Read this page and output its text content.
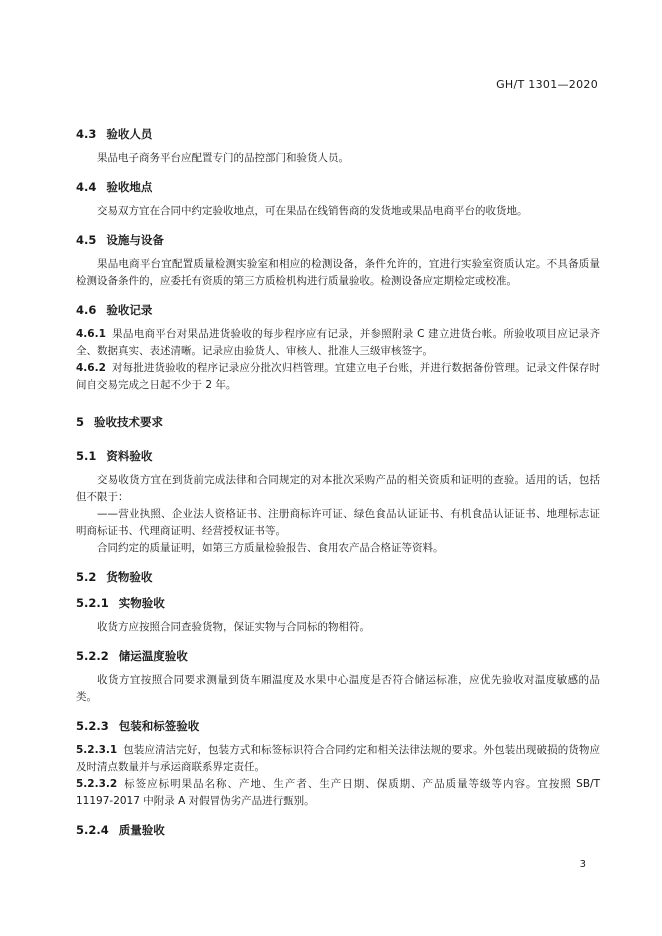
GH/T 1301—2020
4.3 验收人员
果品电子商务平台应配置专门的品控部门和验货人员。
4.4 验收地点
交易双方宜在合同中约定验收地点，可在果品在线销售商的发货地或果品电商平台的收货地。
4.5 设施与设备
果品电商平台宜配置质量检测实验室和相应的检测设备，条件允许的，宜进行实验室资质认定。不具备质量检测设备条件的，应委托有资质的第三方质检机构进行质量验收。检测设备应定期检定或校准。
4.6 验收记录
4.6.1 果品电商平台对果品进货验收的每步程序应有记录，并参照附录 C 建立进货台帐。所验收项目应记录齐全、数据真实、表述清晰。记录应由验货人、审核人、批准人三级审核签字。
4.6.2 对每批进货验收的程序记录应分批次归档管理。宜建立电子台账，并进行数据备份管理。记录文件保存时间自交易完成之日起不少于 2 年。
5 验收技术要求
5.1 资料验收
交易收货方宜在到货前完成法律和合同规定的对本批次采购产品的相关资质和证明的查验。适用的话，包括但不限于：
——营业执照、企业法人资格证书、注册商标许可证、绿色食品认证证书、有机食品认证证书、地理标志证明商标证书、代理商证明、经营授权证书等。
合同约定的质量证明，如第三方质量检验报告、食用农产品合格证等资料。
5.2 货物验收
5.2.1 实物验收
收货方应按照合同查验货物，保证实物与合同标的物相符。
5.2.2 储运温度验收
收货方宜按照合同要求测量到货车厢温度及水果中心温度是否符合储运标准，应优先验收对温度敏感的品类。
5.2.3 包装和标签验收
5.2.3.1 包装应清洁完好，包装方式和标签标识符合合同约定和相关法律法规的要求。外包装出现破损的货物应及时清点数量并与承运商联系界定责任。
5.2.3.2 标签应标明果品名称、产地、生产者、生产日期、保质期、产品质量等级等内容。宜按照 SB/T 11197-2017 中附录 A 对假冒伪劣产品进行甄别。
5.2.4 质量验收
3
